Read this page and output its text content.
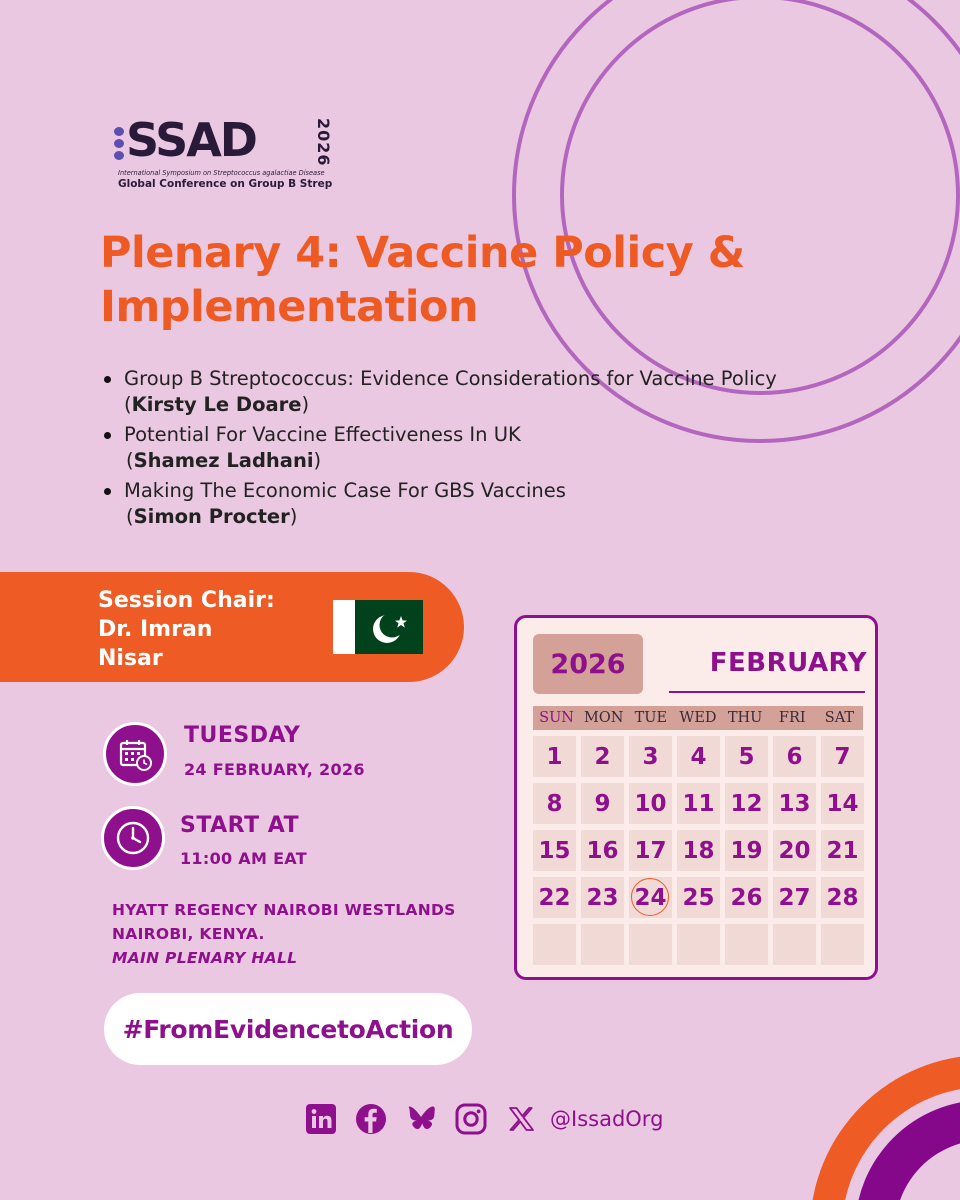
SSAD	2026
International Symposium on Streptococcus agalactiae Disease
Global Conference on Group B Strep
Plenary 4: Vaccine Policy & Implementation
Group B Streptococcus: Evidence Considerations for Vaccine Policy (Kirsty Le Doare)
Potential For Vaccine Effectiveness In UK
(Shamez Ladhani)
Making The Economic Case For GBS Vaccines
(Simon Procter)
Session Chair:
Dr. Imran
Nisar
TUESDAY
24 FEBRUARY, 2026
START AT
11:00 AM EAT
HYATT REGENCY NAIROBI WESTLANDS
NAIROBI, KENYA.
MAIN PLENARY HALL
#FromEvidencetoAction
@IssadOrg
2026	FEBRUARY
SUN MON TUE WED THU	FRI	SAT
1	2	3	4	5	6	7
8	9	10 11 12 13 14
15 16 17 18 19 20 21
22 23 24 25 26 27 28
